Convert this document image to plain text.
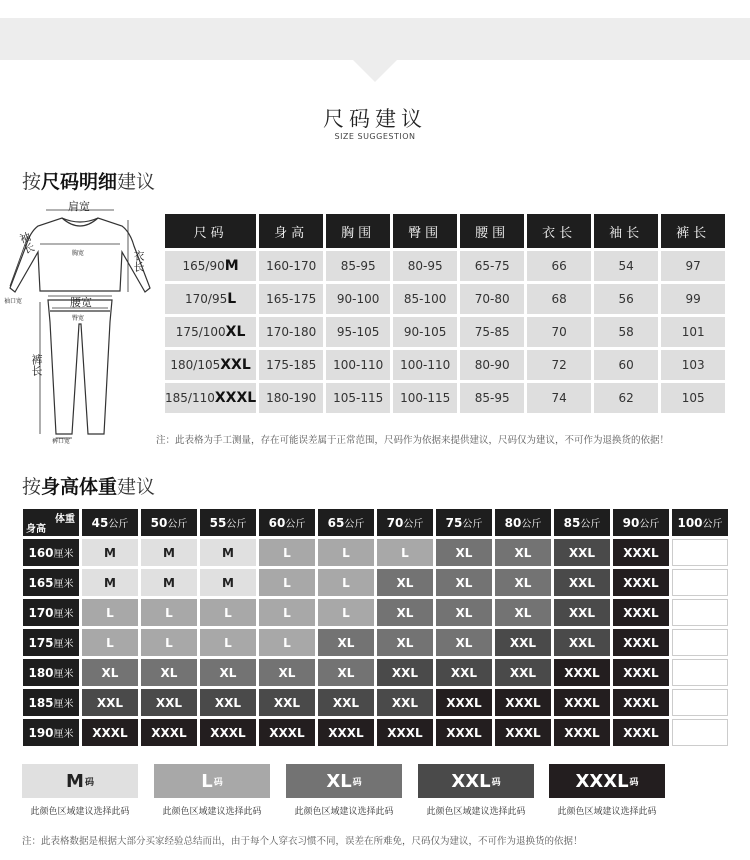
尺码建议
SIZE SUGGESTION
按尺码明细建议
肩宽
袖长	胸宽	衣长
袖口宽	腰宽
臀宽
裤长
裤口宽
尺码	身高	胸围	臀围	腰围	衣长	袖长	裤长
165/90M	160-170	85-95	80-95	65-75	66	54	97
170/95L	165-175	90-100	85-100	70-80	68	56	99
175/100XL	170-180	95-105	90-105	75-85	70	58	101
180/105XXL	175-185	100-110	100-110	80-90	72	60	103
185/110XXXL	180-190	105-115	100-115	85-95	74	62	105
注：此表格为手工测量，存在可能误差属于正常范围，尺码作为依据来提供建议，尺码仅为建议，不可作为退换货的依据！
按身高体重建议
体重
身高	45公斤	50公斤	55公斤	60公斤	65公斤	70公斤	75公斤	80公斤	85公斤	90公斤	100公斤
160厘米	M	M	M	L	L	L	XL	XL	XXL	XXXL	
165厘米	M	M	M	L	L	XL	XL	XL	XXL	XXXL	
170厘米	L	L	L	L	L	XL	XL	XL	XXL	XXXL	
175厘米	L	L	L	L	XL	XL	XL	XXL	XXL	XXXL	
180厘米	XL	XL	XL	XL	XL	XXL	XXL	XXL	XXXL	XXXL	
185厘米	XXL	XXL	XXL	XXL	XXL	XXL	XXXL	XXXL	XXXL	XXXL	
190厘米	XXXL	XXXL	XXXL	XXXL	XXXL	XXXL	XXXL	XXXL	XXXL	XXXL	
M 码
此颜色区域建议选择此码
L 码
此颜色区域建议选择此码
XL 码
此颜色区域建议选择此码
XXL 码
此颜色区域建议选择此码
XXXL 码
此颜色区域建议选择此码
注：此表格数据是根据大部分买家经验总结而出，由于每个人穿衣习惯不同，误差在所难免，尺码仅为建议，不可作为退换货的依据！
